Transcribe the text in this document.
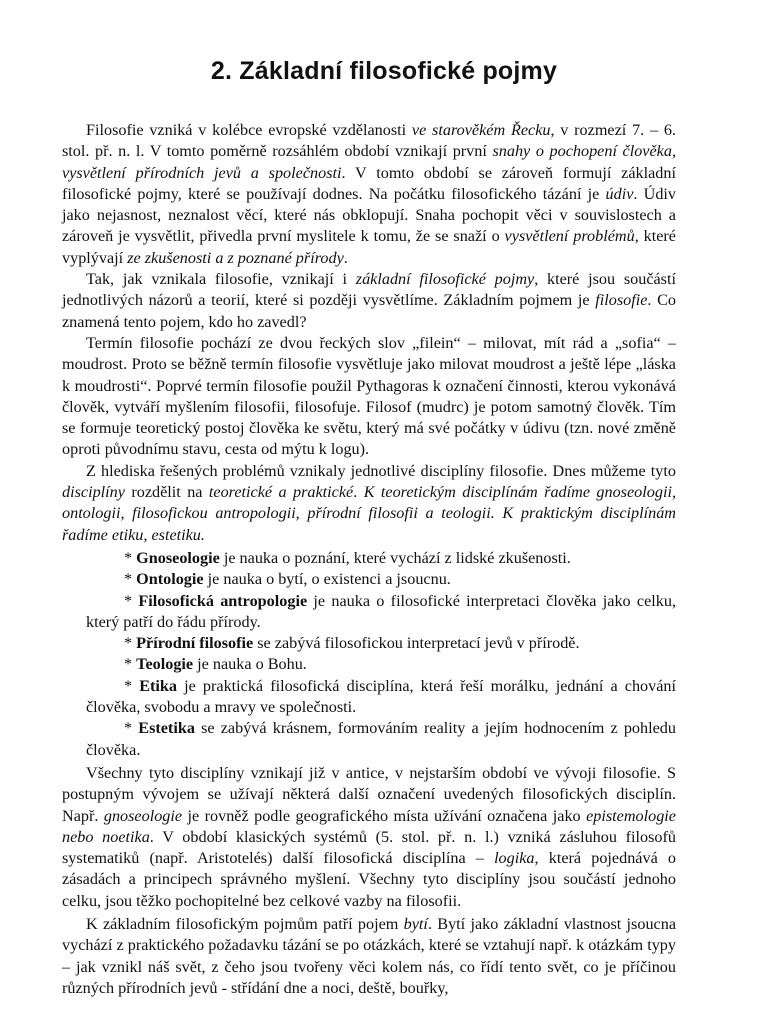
2. Základní filosofické pojmy

Filosofie vzniká v kolébce evropské vzdělanosti ve starověkém Řecku, v rozmezí 7. – 6. stol. př. n. l. V tomto poměrně rozsáhlém období vznikají první snahy o pochopení člověka, vysvětlení přírodních jevů a společnosti. V tomto období se zároveň formují základní filosofické pojmy, které se používají dodnes. Na počátku filosofického tázání je údiv. Údiv jako nejasnost, neznalost věcí, které nás obklopují. Snaha pochopit věci v souvislostech a zároveň je vysvětlit, přivedla první myslitele k tomu, že se snaží o vysvětlení problémů, které vyplývají ze zkušenosti a z poznané přírody.

Tak, jak vznikala filosofie, vznikají i základní filosofické pojmy, které jsou součástí jednotlivých názorů a teorií, které si později vysvětlíme. Základním pojmem je filosofie. Co znamená tento pojem, kdo ho zavedl?

Termín filosofie pochází ze dvou řeckých slov „filein“ – milovat, mít rád a „sofia“ – moudrost. Proto se běžně termín filosofie vysvětluje jako milovat moudrost a ještě lépe „láska k moudrosti“. Poprvé termín filosofie použil Pythagoras k označení činnosti, kterou vykonává člověk, vytváří myšlením filosofii, filosofuje. Filosof (mudrc) je potom samotný člověk. Tím se formuje teoretický postoj člověka ke světu, který má své počátky v údivu (tzn. nové změně oproti původnímu stavu, cesta od mýtu k logu).

Z hlediska řešených problémů vznikaly jednotlivé disciplíny filosofie. Dnes můžeme tyto disciplíny rozdělit na teoretické a praktické. K teoretickým disciplínám řadíme gnoseologii, ontologii, filosofickou antropologii, přírodní filosofii a teologii. K praktickým disciplínám řadíme etiku, estetiku.

* Gnoseologie je nauka o poznání, které vychází z lidské zkušenosti.
* Ontologie je nauka o bytí, o existenci a jsoucnu.
* Filosofická antropologie je nauka o filosofické interpretaci člověka jako celku, který patří do řádu přírody.
* Přírodní filosofie se zabývá filosofickou interpretací jevů v přírodě.
* Teologie je nauka o Bohu.
* Etika je praktická filosofická disciplína, která řeší morálku, jednání a chování člověka, svobodu a mravy ve společnosti.
* Estetika se zabývá krásnem, formováním reality a jejím hodnocením z pohledu člověka.

Všechny tyto disciplíny vznikají již v antice, v nejstarším období ve vývoji filosofie. S postupným vývojem se užívají některá další označení uvedených filosofických disciplín. Např. gnoseologie je rovněž podle geografického místa užívání označena jako epistemologie nebo noetika. V období klasických systémů (5. stol. př. n. l.) vzniká zásluhou filosofů systematiků (např. Aristotelés) další filosofická disciplína – logika, která pojednává o zásadách a principech správného myšlení. Všechny tyto disciplíny jsou součástí jednoho celku, jsou těžko pochopitelné bez celkové vazby na filosofii.

K základním filosofickým pojmům patří pojem bytí. Bytí jako základní vlastnost jsoucna vychází z praktického požadavku tázání se po otázkách, které se vztahují např. k otázkám typy – jak vznikl náš svět, z čeho jsou tvořeny věci kolem nás, co řídí tento svět, co je příčinou různých přírodních jevů - střídání dne a noci, deště, bouřky,
